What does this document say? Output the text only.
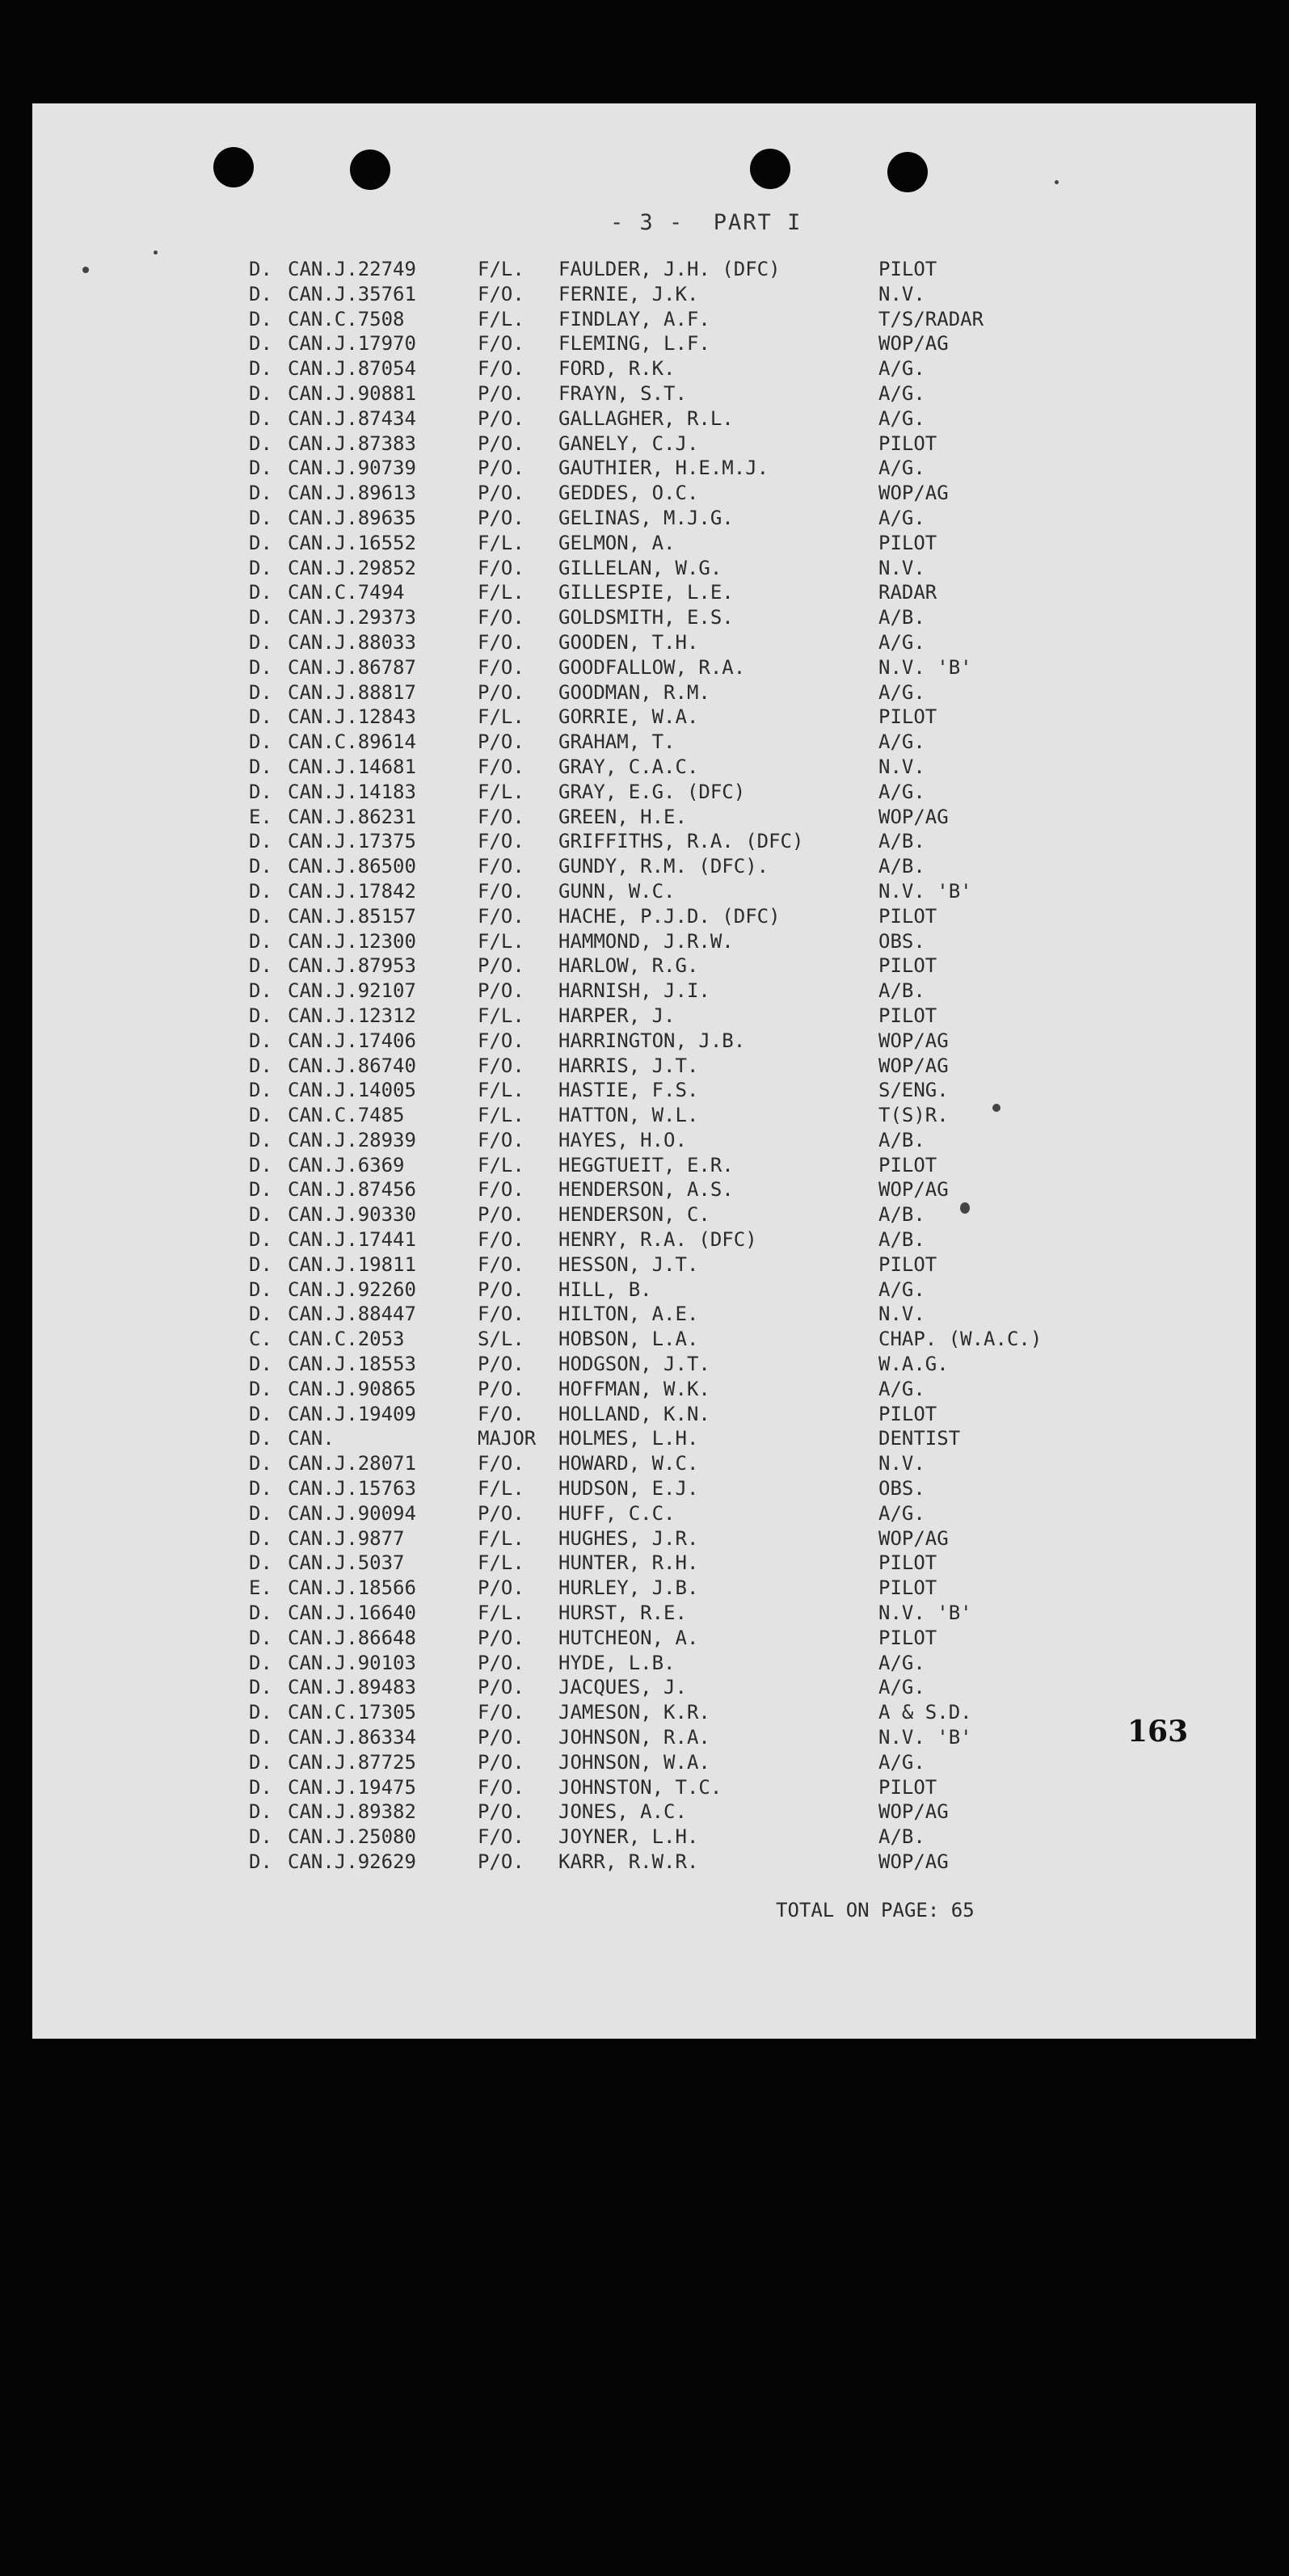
- 3 -  PART I
D. CAN.J.22749	F/L. FAULDER, J.H. (DFC)	PILOT
D. CAN.J.35761	F/O. FERNIE, J.K.	N.V.
D. CAN.C.7508	F/L. FINDLAY, A.F.	T/S/RADAR
D. CAN.J.17970	F/O. FLEMING, L.F.	WOP/AG
D. CAN.J.87054	F/O. FORD, R.K.	A/G.
D. CAN.J.90881	P/O. FRAYN, S.T.	A/G.
D. CAN.J.87434	P/O. GALLAGHER, R.L.	A/G.
D. CAN.J.87383	P/O. GANELY, C.J.	PILOT
D. CAN.J.90739	P/O. GAUTHIER, H.E.M.J.	A/G.
D. CAN.J.89613	P/O. GEDDES, O.C.	WOP/AG
D. CAN.J.89635	P/O. GELINAS, M.J.G.	A/G.
D. CAN.J.16552	F/L. GELMON, A.	PILOT
D. CAN.J.29852	F/O. GILLELAN, W.G.	N.V.
D. CAN.C.7494	F/L. GILLESPIE, L.E.	RADAR
D. CAN.J.29373	F/O. GOLDSMITH, E.S.	A/B.
D. CAN.J.88033	F/O. GOODEN, T.H.	A/G.
D. CAN.J.86787	F/O. GOODFALLOW, R.A.	N.V. 'B'
D. CAN.J.88817	P/O. GOODMAN, R.M.	A/G.
D. CAN.J.12843	F/L. GORRIE, W.A.	PILOT
D. CAN.C.89614	P/O. GRAHAM, T.	A/G.
D. CAN.J.14681	F/O. GRAY, C.A.C.	N.V.
D. CAN.J.14183	F/L. GRAY, E.G. (DFC)	A/G.
E. CAN.J.86231	F/O. GREEN, H.E.	WOP/AG
D. CAN.J.17375	F/O. GRIFFITHS, R.A. (DFC)	A/B.
D. CAN.J.86500	F/O. GUNDY, R.M. (DFC).	A/B.
D. CAN.J.17842	F/O. GUNN, W.C.	N.V. 'B'
D. CAN.J.85157	F/O. HACHE, P.J.D. (DFC)	PILOT
D. CAN.J.12300	F/L. HAMMOND, J.R.W.	OBS.
D. CAN.J.87953	P/O. HARLOW, R.G.	PILOT
D. CAN.J.92107	P/O. HARNISH, J.I.	A/B.
D. CAN.J.12312	F/L. HARPER, J.	PILOT
D. CAN.J.17406	F/O. HARRINGTON, J.B.	WOP/AG
D. CAN.J.86740	F/O. HARRIS, J.T.	WOP/AG
D. CAN.J.14005	F/L. HASTIE, F.S.	S/ENG.
D. CAN.C.7485	F/L. HATTON, W.L.	T(S)R.
D. CAN.J.28939	F/O. HAYES, H.O.	A/B.
D. CAN.J.6369	F/L. HEGGTUEIT, E.R.	PILOT
D. CAN.J.87456	F/O. HENDERSON, A.S.	WOP/AG
D. CAN.J.90330	P/O. HENDERSON, C.	A/B.
D. CAN.J.17441	F/O. HENRY, R.A. (DFC)	A/B.
D. CAN.J.19811	F/O. HESSON, J.T.	PILOT
D. CAN.J.92260	P/O. HILL, B.	A/G.
D. CAN.J.88447	F/O. HILTON, A.E.	N.V.
C. CAN.C.2053	S/L. HOBSON, L.A.	CHAP. (W.A.C.)
D. CAN.J.18553	P/O. HODGSON, J.T.	W.A.G.
D. CAN.J.90865	P/O. HOFFMAN, W.K.	A/G.
D. CAN.J.19409	F/O. HOLLAND, K.N.	PILOT
D. CAN.	MAJOR HOLMES, L.H.	DENTIST
D. CAN.J.28071	F/O. HOWARD, W.C.	N.V.
D. CAN.J.15763	F/L. HUDSON, E.J.	OBS.
D. CAN.J.90094	P/O. HUFF, C.C.	A/G.
D. CAN.J.9877	F/L. HUGHES, J.R.	WOP/AG
D. CAN.J.5037	F/L. HUNTER, R.H.	PILOT
E. CAN.J.18566	P/O. HURLEY, J.B.	PILOT
D. CAN.J.16640	F/L. HURST, R.E.	N.V. 'B'
D. CAN.J.86648	P/O. HUTCHEON, A.	PILOT
D. CAN.J.90103	P/O. HYDE, L.B.	A/G.
D. CAN.J.89483	P/O. JACQUES, J.	A/G.
D. CAN.C.17305	F/O. JAMESON, K.R.	A & S.D.
D. CAN.J.86334	P/O. JOHNSON, R.A.	N.V. 'B'
D. CAN.J.87725	P/O. JOHNSON, W.A.	A/G.
D. CAN.J.19475	F/O. JOHNSTON, T.C.	PILOT
D. CAN.J.89382	P/O. JONES, A.C.	WOP/AG
D. CAN.J.25080	F/O. JOYNER, L.H.	A/B.
D. CAN.J.92629	P/O. KARR, R.W.R.	WOP/AG
163
TOTAL ON PAGE: 65
